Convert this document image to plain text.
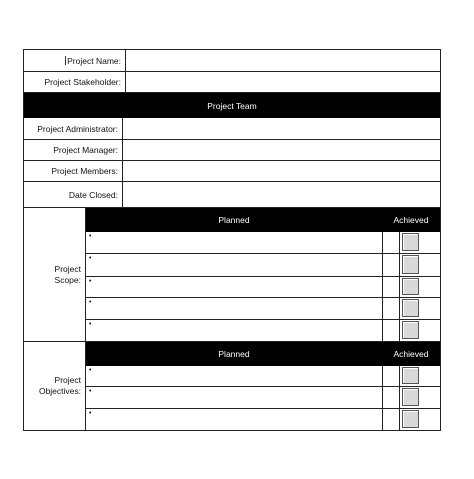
Project Name:
Project Stakeholder:
Project Team
Project Administrator:
Project Manager:
Project Members:
Date Closed:
Project
Scope:
Planned	Achieved
•
•
•
•
•
Project
Objectives:
Planned	Achieved
•
•
•
